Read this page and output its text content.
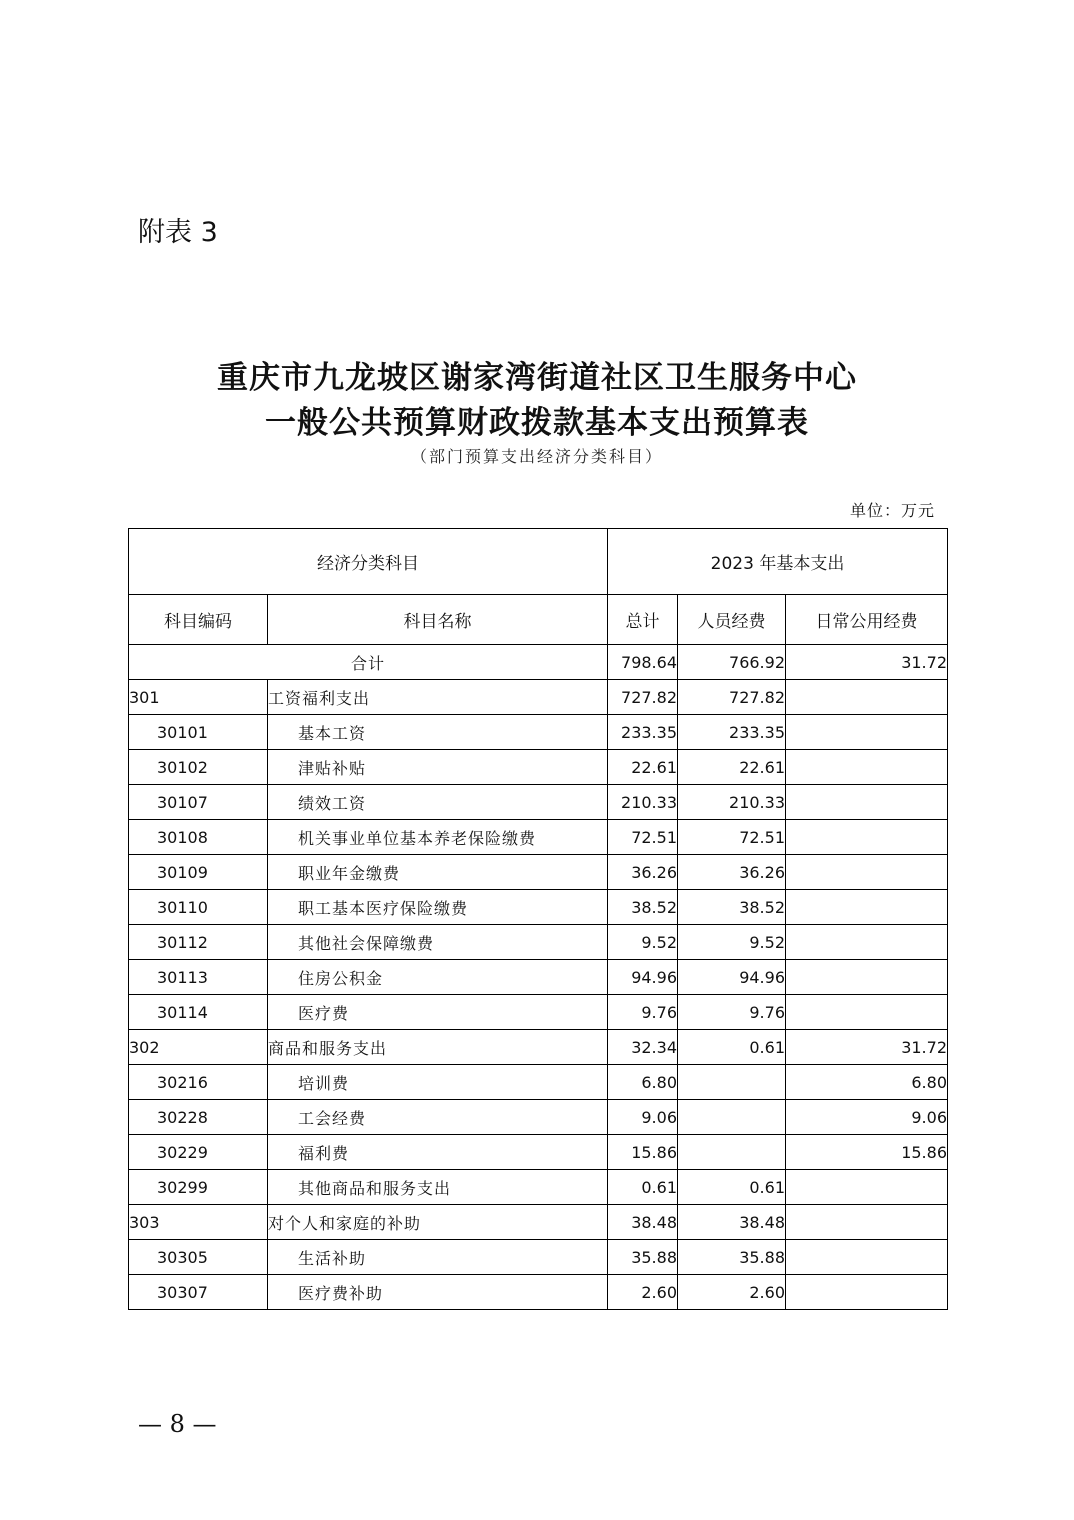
附表 3
重庆市九龙坡区谢家湾街道社区卫生服务中心
一般公共预算财政拨款基本支出预算表
（部门预算支出经济分类科目）
单位：万元
经济分类科目		2023 年基本支出		
科目编码	科目名称	总计	人员经费	日常公用经费
合计		798.64	766.92	31.72
301	工资福利支出	727.82	727.82	
30101	基本工资	233.35	233.35	
30102	津贴补贴	22.61	22.61	
30107	绩效工资	210.33	210.33	
30108	机关事业单位基本养老保险缴费	72.51	72.51	
30109	职业年金缴费	36.26	36.26	
30110	职工基本医疗保险缴费	38.52	38.52	
30112	其他社会保障缴费	9.52	9.52	
30113	住房公积金	94.96	94.96	
30114	医疗费	9.76	9.76	
302	商品和服务支出	32.34	0.61	31.72
30216	培训费	6.80		6.80
30228	工会经费	9.06		9.06
30229	福利费	15.86		15.86
30299	其他商品和服务支出	0.61	0.61	
303	对个人和家庭的补助	38.48	38.48	
30305	生活补助	35.88	35.88	
30307	医疗费补助	2.60	2.60	
— 8 —
